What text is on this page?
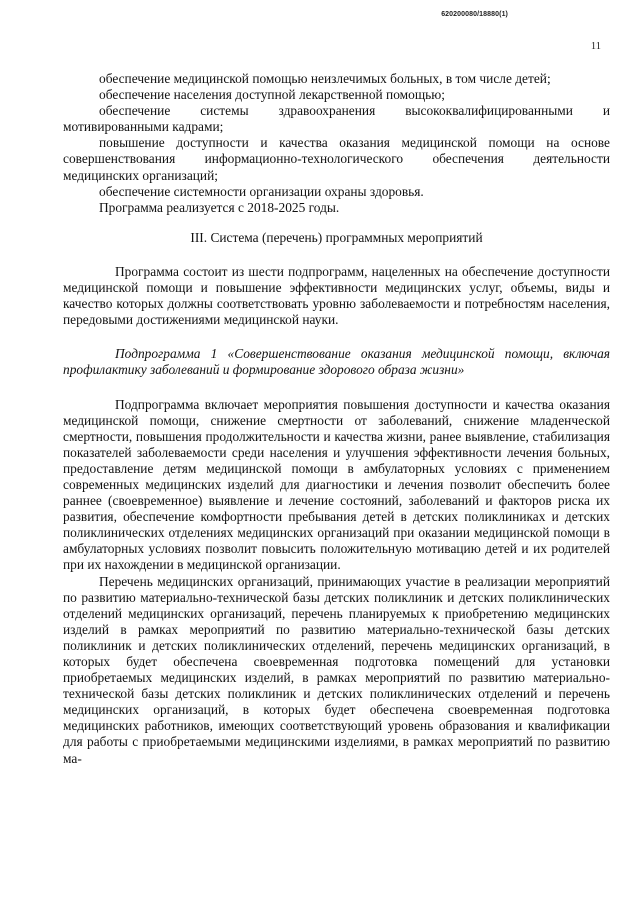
620200080/18880(1)
11

обеспечение медицинской помощью неизлечимых больных, в том числе детей;

обеспечение населения доступной лекарственной помощью;

обеспечение системы здравоохранения высококвалифицированными и мотивированными кадрами;

повышение доступности и качества оказания медицинской помощи на основе совершенствования информационно-технологического обеспечения деятельности медицинских организаций;

обеспечение системности организации охраны здоровья.

Программа реализуется с 2018-2025 годы.

III. Система (перечень) программных мероприятий

Программа состоит из шести подпрограмм, нацеленных на обеспечение доступности медицинской помощи и повышение эффективности медицинских услуг, объемы, виды и качество которых должны соответствовать уровню заболеваемости и потребностям населения, передовыми достижениями медицинской науки.

Подпрограмма 1 «Совершенствование оказания медицинской помощи, включая профилактику заболеваний и формирование здорового образа жизни»

Подпрограмма включает мероприятия повышения доступности и качества оказания медицинской помощи, снижение смертности от заболеваний, снижение младенческой смертности, повышения продолжительности и качества жизни, ранее выявление, стабилизация показателей заболеваемости среди населения и улучшения эффективности лечения больных, предоставление детям медицинской помощи в амбулаторных условиях с применением современных медицинских изделий для диагностики и лечения позволит обеспечить более раннее (своевременное) выявление и лечение состояний, заболеваний и факторов риска их развития, обеспечение комфортности пребывания детей в детских поликлиниках и детских поликлинических отделениях медицинских организаций при оказании медицинской помощи в амбулаторных условиях позволит повысить положительную мотивацию детей и их родителей при их нахождении в медицинской организации.

Перечень медицинских организаций, принимающих участие в реализации мероприятий по развитию материально-технической базы детских поликлиник и детских поликлинических отделений медицинских организаций, перечень планируемых к приобретению медицинских изделий в рамках мероприятий по развитию материально-технической базы детских поликлиник и детских поликлинических отделений, перечень медицинских организаций, в которых будет обеспечена своевременная подготовка помещений для установки приобретаемых медицинских изделий, в рамках мероприятий по развитию материально-технической базы детских поликлиник и детских поликлинических отделений и перечень медицинских организаций, в которых будет обеспечена своевременная подготовка медицинских работников, имеющих соответствующий уровень образования и квалификации для работы с приобретаемыми медицинскими изделиями, в рамках мероприятий по развитию ма-
